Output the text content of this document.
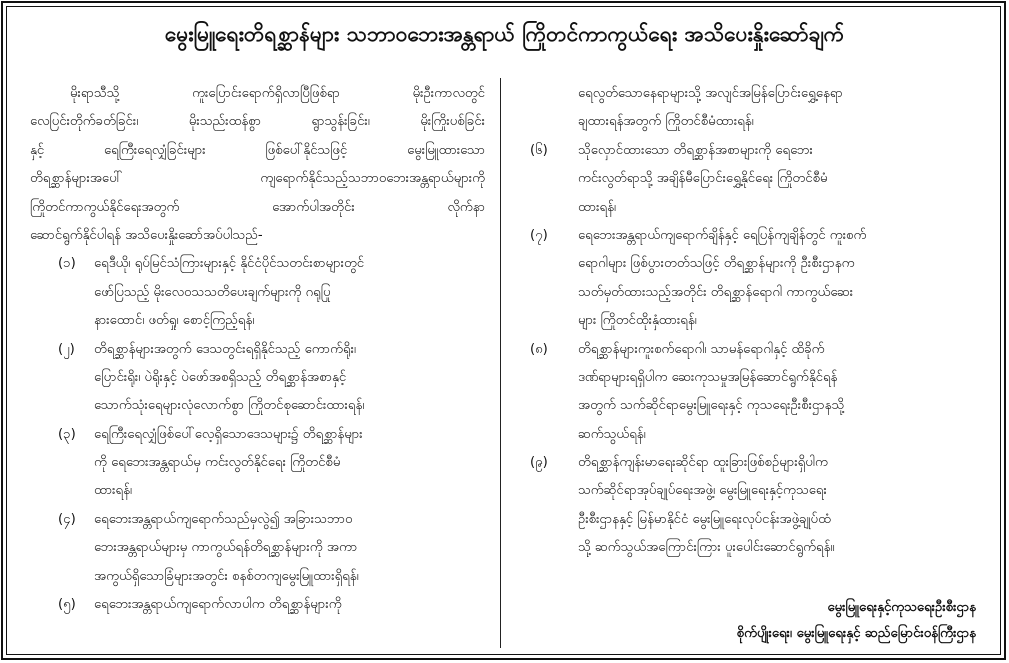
မွေးမြူရေးတိရစ္ဆာန်များ သဘာဝဘေးအန္တရာယ် ကြိုတင်ကာကွယ်ရေး အသိပေးနှိုးဆော်ချက်
မိုးရာသီသို့ ကူးပြောင်းရောက်ရှိလာပြီဖြစ်ရာ မိုးဦးကာလတွင်
လေပြင်းတိုက်ခတ်ခြင်း၊ မိုးသည်းထန်စွာ ရွာသွန်းခြင်း၊ မိုးကြိုးပစ်ခြင်း
နှင့် ရေကြီးရေလျှံခြင်းများ ဖြစ်ပေါ်နိုင်သဖြင့် မွေးမြူထားသော
တိရစ္ဆာန်များအပေါ် ကျရောက်နိုင်သည့်သဘာဝဘေးအန္တရာယ်များကို
ကြိုတင်ကာကွယ်နိုင်ရေးအတွက် အောက်ပါအတိုင်း လိုက်နာ
ဆောင်ရွက်နိုင်ပါရန် အသိပေးနှိုးဆော်အပ်ပါသည်-
(၁)	ရေဒီယို၊ ရုပ်မြင်သံကြားများနှင့် နိုင်ငံပိုင်သတင်းစာများတွင်
ဖော်ပြသည့် မိုးလေဝသသတိပေးချက်များကို ဂရုပြု
နားထောင်၊ ဖတ်ရှု၊ စောင့်ကြည့်ရန်၊
(၂)	တိရစ္ဆာန်များအတွက် ဒေသတွင်းရရှိနိုင်သည့် ကောက်ရိုး၊
ပြောင်းရိုး၊ ပဲရိုးနှင့် ပဲဖော်အစရှိသည့် တိရစ္ဆာန်အစာနှင့်
သောက်သုံးရေများလုံလောက်စွာ ကြိုတင်စုဆောင်းထားရန်၊
(၃)	ရေကြီးရေလျှံဖြစ်ပေါ်လေ့ရှိသောဒေသများ၌ တိရစ္ဆာန်များ
ကို ရေဘေးအန္တရာယ်မှ ကင်းလွတ်နိုင်ရေး ကြိုတင်စီမံ
ထားရန်၊
(၄)	ရေဘေးအန္တရာယ်ကျရောက်သည်မှလွဲ၍ အခြားသဘာဝ
ဘေးအန္တရာယ်များမှ ကာကွယ်ရန်တိရစ္ဆာန်များကို အကာ
အကွယ်ရှိသောခြံများအတွင်း စနစ်တကျမွေးမြူထားရှိရန်၊
(၅)	ရေဘေးအန္တရာယ်ကျရောက်လာပါက တိရစ္ဆာန်များကို
ရေလွတ်သောနေရာများသို့ အလျင်အမြန်ပြောင်းရွှေ့နေရာ
ချထားရန်အတွက် ကြိုတင်စီမံထားရန်၊
(၆)	သိုလှောင်ထားသော တိရစ္ဆာန်အစာများကို ရေဘေး
ကင်းလွတ်ရာသို့ အချိန်မီပြောင်းရွှေ့နိုင်ရေး ကြိုတင်စီမံ
ထားရန်၊
(၇)	ရေဘေးအန္တရာယ်ကျရောက်ချိန်နှင့် ရေပြန်ကျချိန်တွင် ကူးစက်
ရောဂါများ ဖြစ်ပွားတတ်သဖြင့် တိရစ္ဆာန်များကို ဦးစီးဌာနက
သတ်မှတ်ထားသည့်အတိုင်း တိရစ္ဆာန်ရောဂါ ကာကွယ်ဆေး
များ ကြိုတင်ထိုးနှံထားရန်၊
(၈)	တိရစ္ဆာန်များကူးစက်ရောဂါ၊ သာမန်ရောဂါနှင့် ထိခိုက်
ဒဏ်ရာများရရှိပါက ဆေးကုသမှုအမြန်ဆောင်ရွက်နိုင်ရန်
အတွက် သက်ဆိုင်ရာမွေးမြူရေးနှင့် ကုသရေးဦးစီးဌာနသို့
ဆက်သွယ်ရန်၊
(၉)	တိရစ္ဆာန်ကျန်းမာရေးဆိုင်ရာ ထူးခြားဖြစ်စဉ်များရှိပါက
သက်ဆိုင်ရာအုပ်ချုပ်ရေးအဖွဲ့၊ မွေးမြူရေးနှင့်ကုသရေး
ဦးစီးဌာနနှင့် မြန်မာနိုင်ငံ မွေးမြူရေးလုပ်ငန်းအဖွဲ့ချုပ်ထံ
သို့ ဆက်သွယ်အကြောင်းကြား ပူးပေါင်းဆောင်ရွက်ရန်။
မွေးမြူရေးနှင့်ကုသရေးဦးစီးဌာန
စိုက်ပျိုးရေး၊ မွေးမြူရေးနှင့် ဆည်မြောင်းဝန်ကြီးဌာန
